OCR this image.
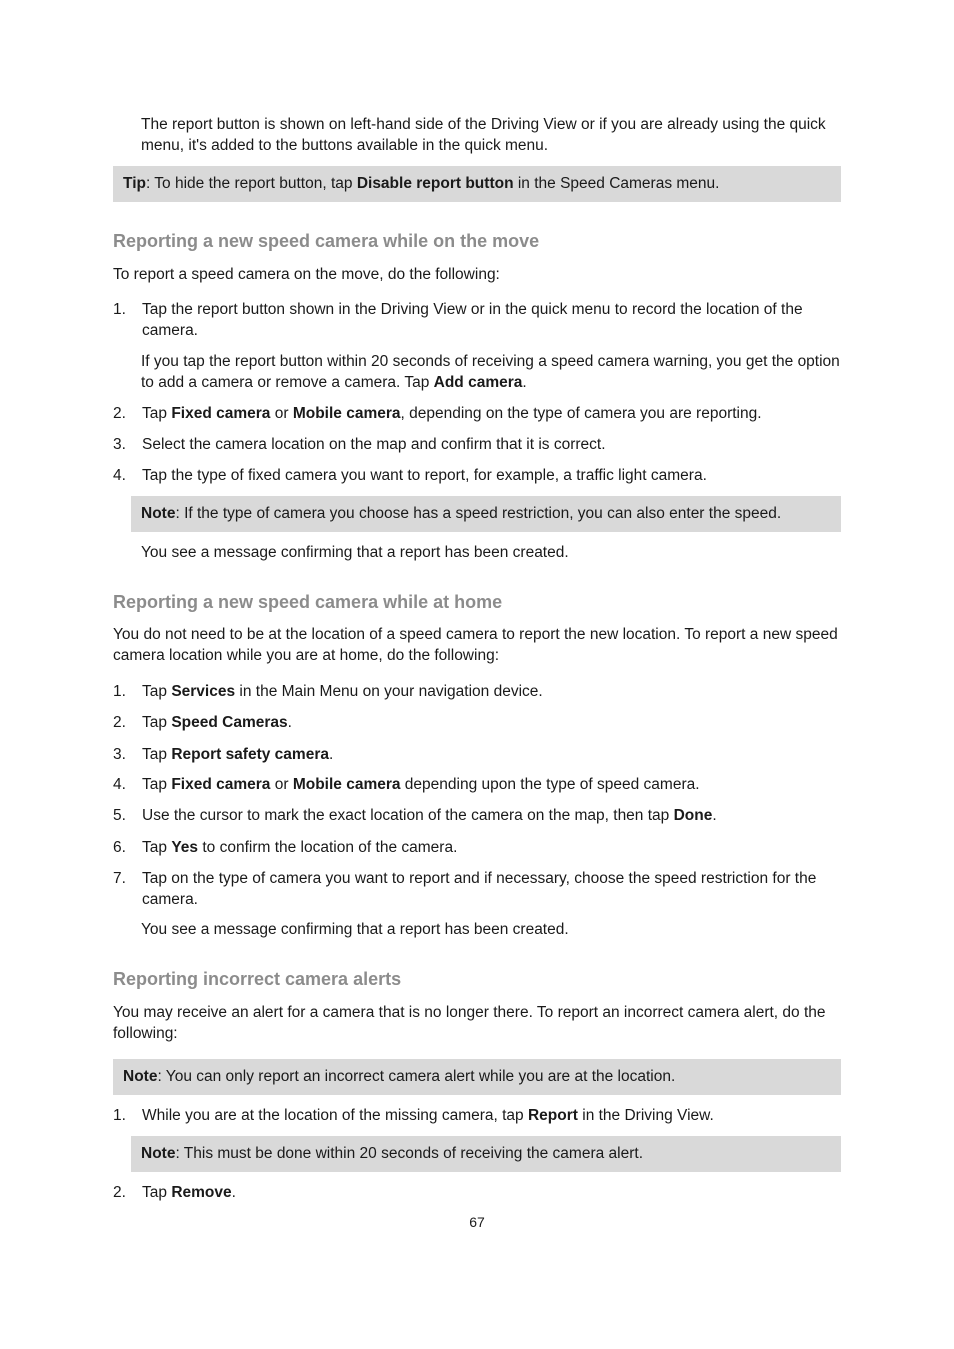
The report button is shown on left-hand side of the Driving View or if you are already using the quick menu, it's added to the buttons available in the quick menu.

Tip: To hide the report button, tap Disable report button in the Speed Cameras menu.
Reporting a new speed camera while on the move

To report a speed camera on the move, do the following:

1. Tap the report button shown in the Driving View or in the quick menu to record the location of the camera.

If you tap the report button within 20 seconds of receiving a speed camera warning, you get the option to add a camera or remove a camera. Tap Add camera.

2. Tap Fixed camera or Mobile camera, depending on the type of camera you are reporting.

3. Select the camera location on the map and confirm that it is correct.

4. Tap the type of fixed camera you want to report, for example, a traffic light camera.

Note: If the type of camera you choose has a speed restriction, you can also enter the speed.

You see a message confirming that a report has been created.

Reporting a new speed camera while at home

You do not need to be at the location of a speed camera to report the new location. To report a new speed camera location while you are at home, do the following:

1. Tap Services in the Main Menu on your navigation device.

2. Tap Speed Cameras.

3. Tap Report safety camera.

4. Tap Fixed camera or Mobile camera depending upon the type of speed camera.

5. Use the cursor to mark the exact location of the camera on the map, then tap Done.

6. Tap Yes to confirm the location of the camera.

7. Tap on the type of camera you want to report and if necessary, choose the speed restriction for the camera.

You see a message confirming that a report has been created.

Reporting incorrect camera alerts

You may receive an alert for a camera that is no longer there. To report an incorrect camera alert, do the following:

Note: You can only report an incorrect camera alert while you are at the location.
1. While you are at the location of the missing camera, tap Report in the Driving View.

Note: This must be done within 20 seconds of receiving the camera alert.
2. Tap Remove.

67
